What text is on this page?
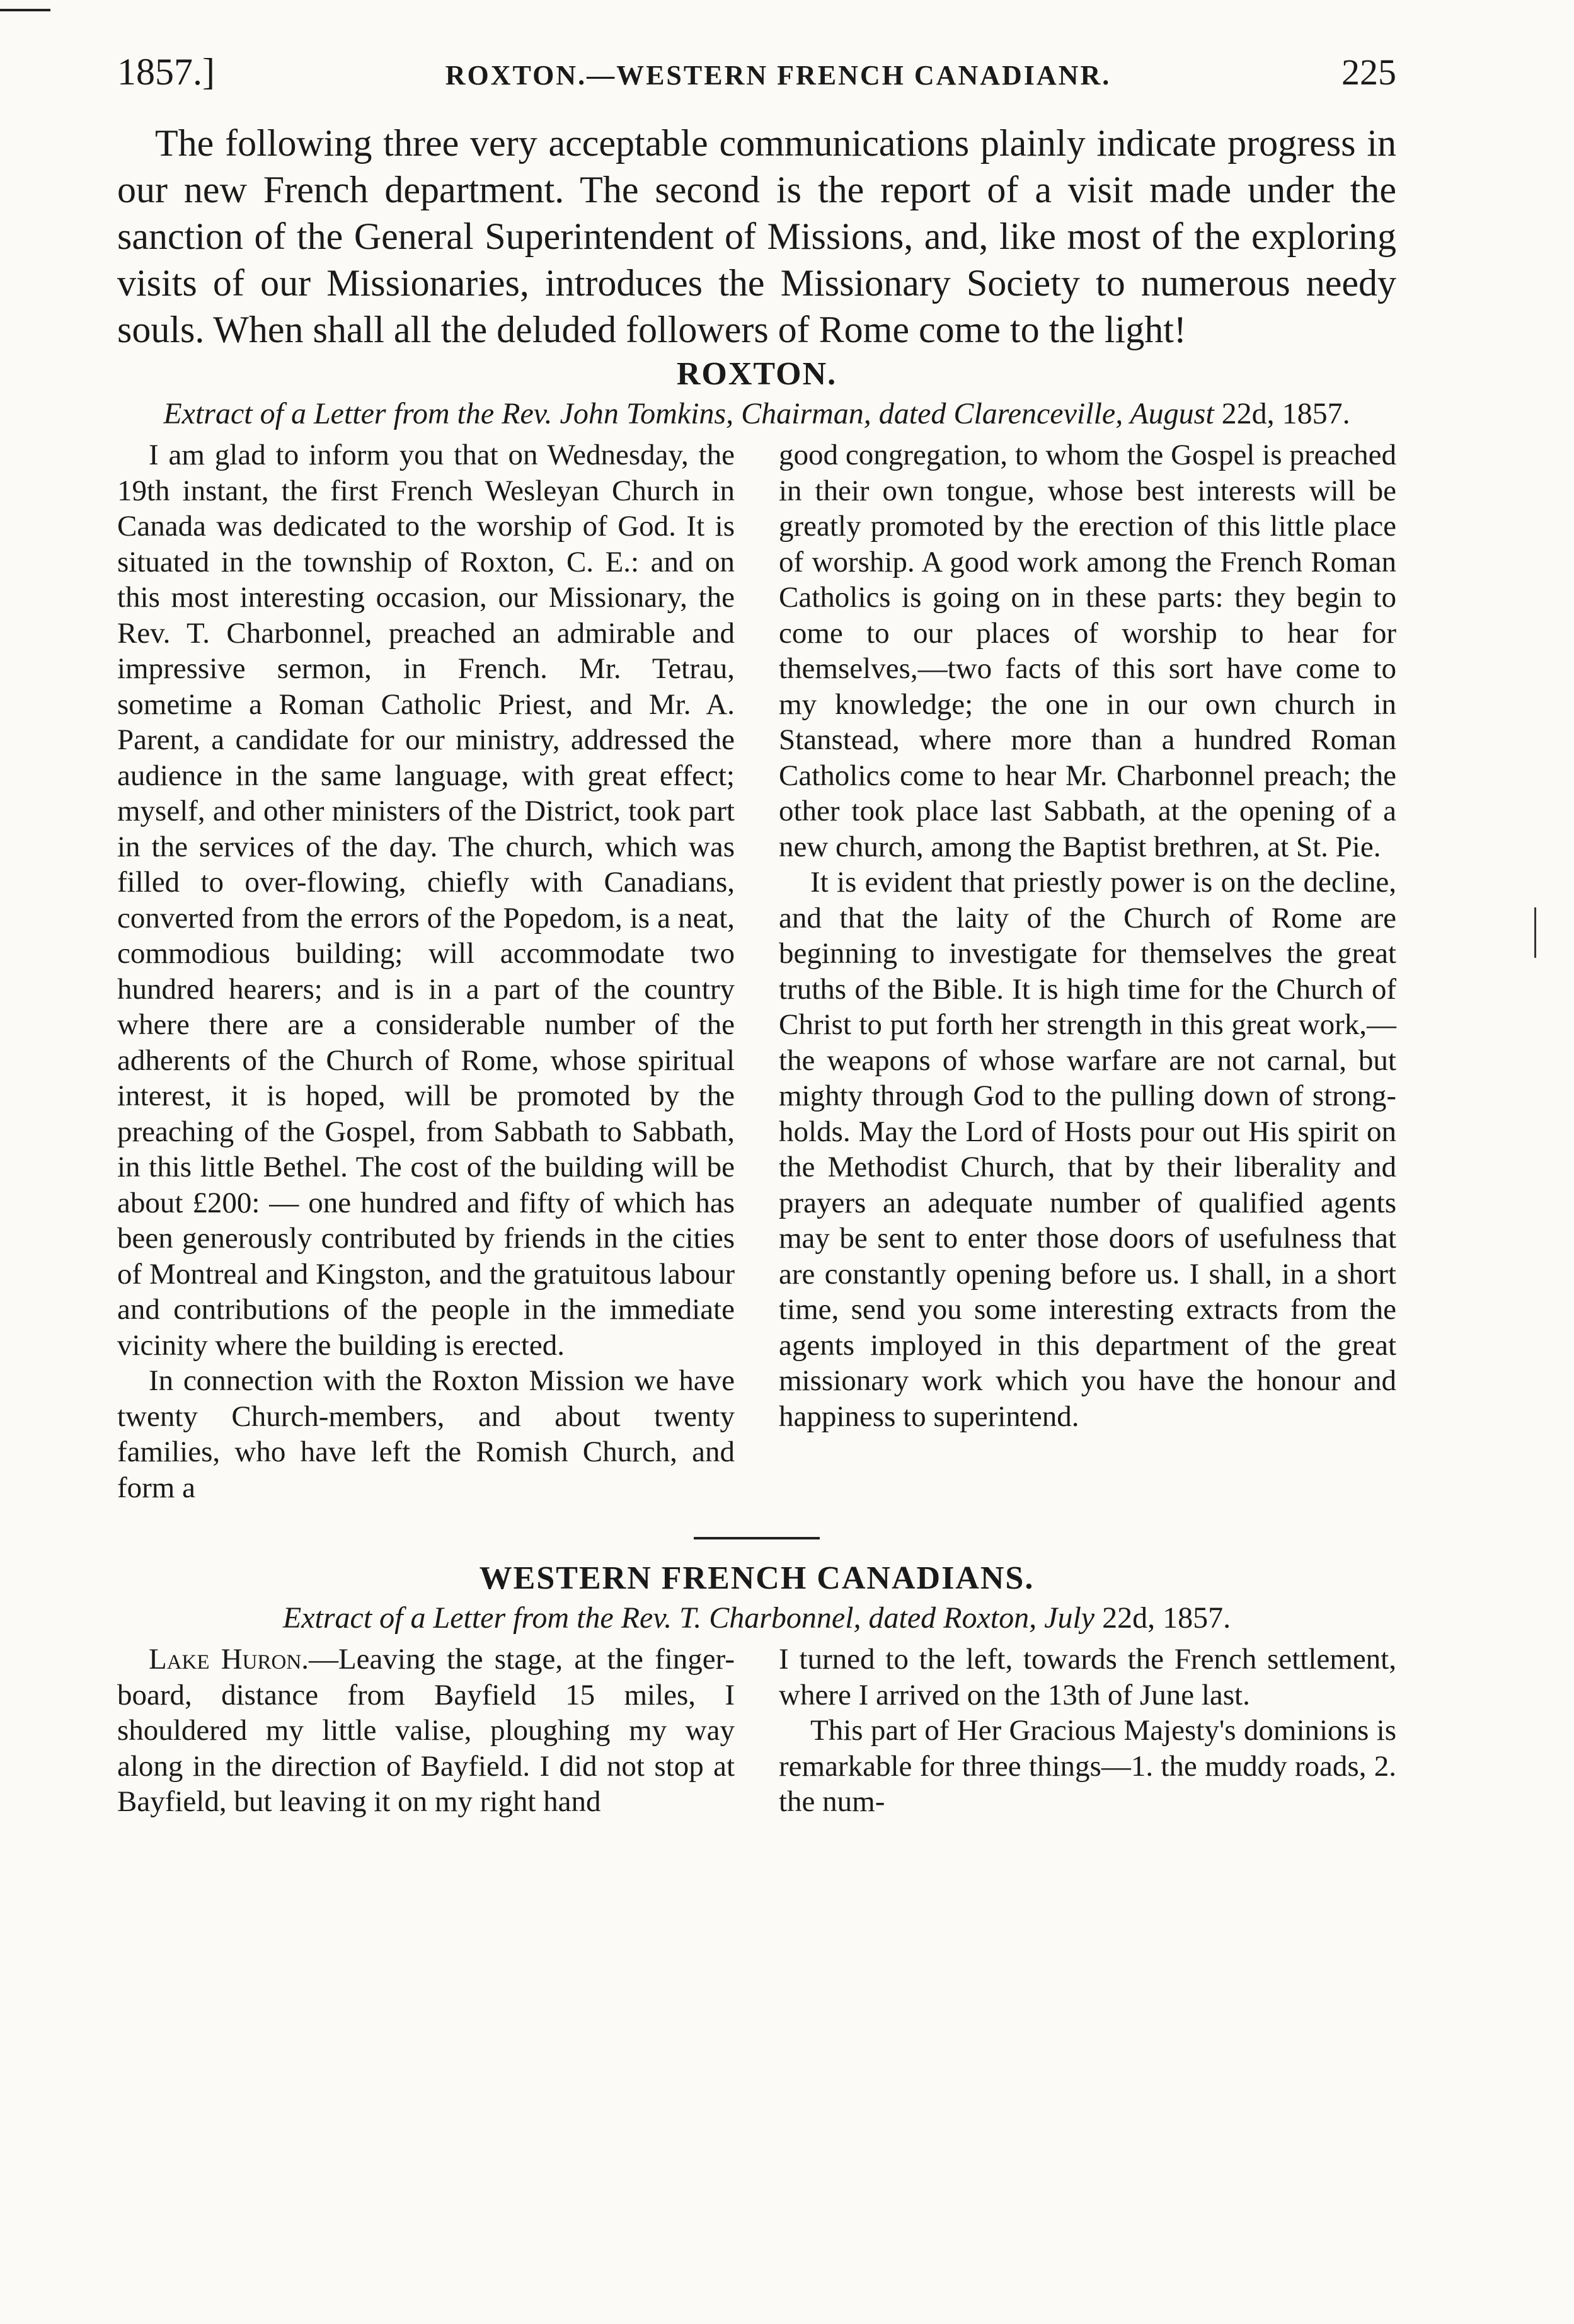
1857.]	ROXTON.—WESTERN FRENCH CANADIANR.	225

The following three very acceptable communications plainly indicate progress in our new French department. The second is the report of a visit made under the sanction of the General Superintendent of Missions, and, like most of the exploring visits of our Missionaries, introduces the Missionary Society to numerous needy souls. When shall all the deluded followers of Rome come to the light!

ROXTON.

Extract of a Letter from the Rev. John Tomkins, Chairman, dated Clarenceville, August 22d, 1857.

I am glad to inform you that on Wednesday, the 19th instant, the first French Wesleyan Church in Canada was dedicated to the worship of God. It is situated in the township of Roxton, C. E.: and on this most interesting occasion, our Missionary, the Rev. T. Charbonnel, preached an admirable and impressive sermon, in French. Mr. Tetrau, sometime a Roman Catholic Priest, and Mr. A. Parent, a candidate for our ministry, addressed the audience in the same language, with great effect; myself, and other ministers of the District, took part in the services of the day. The church, which was filled to over-flowing, chiefly with Canadians, converted from the errors of the Popedom, is a neat, commodious building; will accommodate two hundred hearers; and is in a part of the country where there are a considerable number of the adherents of the Church of Rome, whose spiritual interest, it is hoped, will be promoted by the preaching of the Gospel, from Sabbath to Sabbath, in this little Bethel. The cost of the building will be about £200: — one hundred and fifty of which has been generously contributed by friends in the cities of Montreal and Kingston, and the gratuitous labour and contributions of the people in the immediate vicinity where the building is erected.

In connection with the Roxton Mission we have twenty Church-members, and about twenty families, who have left the Romish Church, and form a

good congregation, to whom the Gospel is preached in their own tongue, whose best interests will be greatly promoted by the erection of this little place of worship. A good work among the French Roman Catholics is going on in these parts: they begin to come to our places of worship to hear for themselves,—two facts of this sort have come to my knowledge; the one in our own church in Stanstead, where more than a hundred Roman Catholics come to hear Mr. Charbonnel preach; the other took place last Sabbath, at the opening of a new church, among the Baptist brethren, at St. Pie.

It is evident that priestly power is on the decline, and that the laity of the Church of Rome are beginning to investigate for themselves the great truths of the Bible. It is high time for the Church of Christ to put forth her strength in this great work,—the weapons of whose warfare are not carnal, but mighty through God to the pulling down of strong-holds. May the Lord of Hosts pour out His spirit on the Methodist Church, that by their liberality and prayers an adequate number of qualified agents may be sent to enter those doors of usefulness that are constantly opening before us. I shall, in a short time, send you some interesting extracts from the agents imployed in this department of the great missionary work which you have the honour and happiness to superintend.

WESTERN FRENCH CANADIANS.

Extract of a Letter from the Rev. T. Charbonnel, dated Roxton, July 22d, 1857.

Lake Huron.—Leaving the stage, at the finger-board, distance from Bayfield 15 miles, I shouldered my little valise, ploughing my way along in the direction of Bayfield. I did not stop at Bayfield, but leaving it on my right hand

I turned to the left, towards the French settlement, where I arrived on the 13th of June last.

This part of Her Gracious Majesty's dominions is remarkable for three things—1. the muddy roads, 2. the num-
